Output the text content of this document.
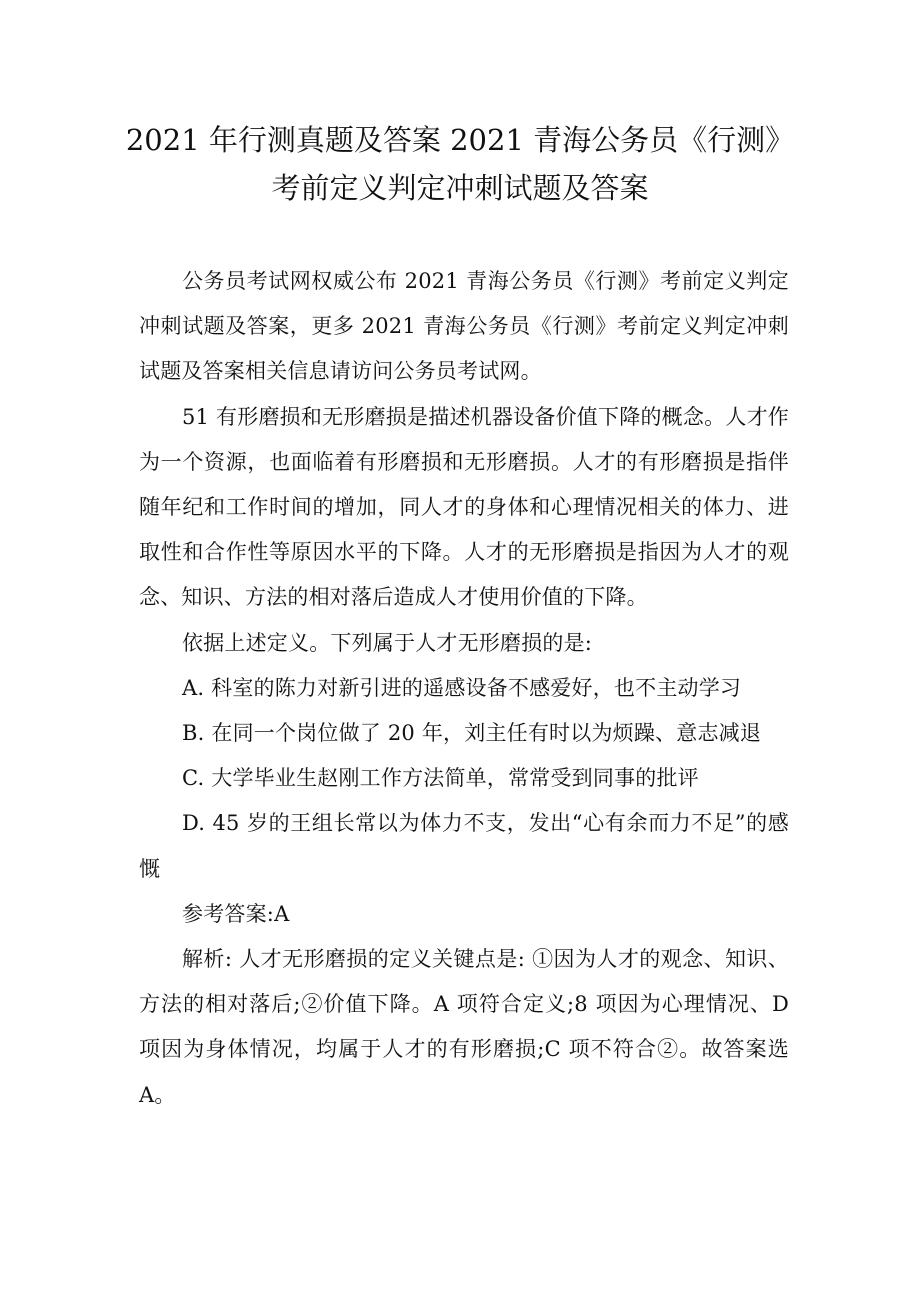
2021 年行测真题及答案 2021 青海公务员《行测》考前定义判定冲刺试题及答案

公务员考试网权威公布 2021 青海公务员《行测》考前定义判定冲刺试题及答案，更多 2021 青海公务员《行测》考前定义判定冲刺试题及答案相关信息请访问公务员考试网。

51 有形磨损和无形磨损是描述机器设备价值下降的概念。人才作为一个资源，也面临着有形磨损和无形磨损。人才的有形磨损是指伴随年纪和工作时间的增加，同人才的身体和心理情况相关的体力、进取性和合作性等原因水平的下降。人才的无形磨损是指因为人才的观念、知识、方法的相对落后造成人才使用价值的下降。

依据上述定义。下列属于人才无形磨损的是:

A. 科室的陈力对新引进的遥感设备不感爱好，也不主动学习

B. 在同一个岗位做了 20 年，刘主任有时以为烦躁、意志减退

C. 大学毕业生赵刚工作方法简单，常常受到同事的批评

D. 45 岁的王组长常以为体力不支，发出“心有余而力不足”的感慨

参考答案:A

解析: 人才无形磨损的定义关键点是: ①因为人才的观念、知识、方法的相对落后;②价值下降。A 项符合定义;8 项因为心理情况、D 项因为身体情况，均属于人才的有形磨损;C 项不符合②。故答案选 A。
